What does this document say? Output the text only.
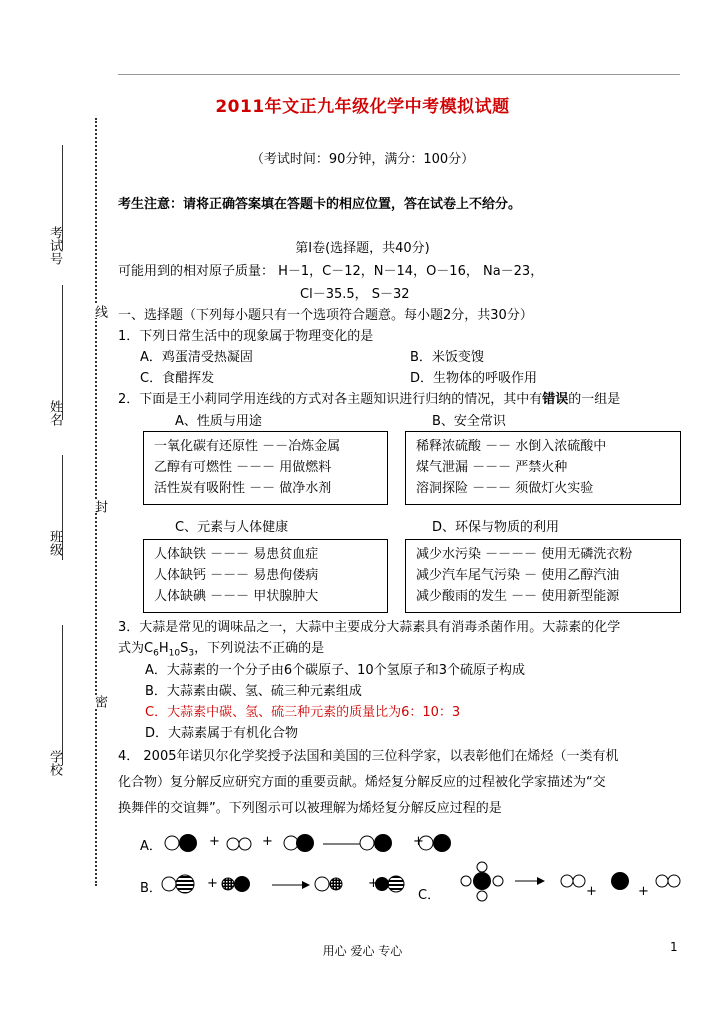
线
封
密
考试号
姓名
班级
学校
2011年文正九年级化学中考模拟试题
（考试时间：90分钟，满分：100分）
考生注意：请将正确答案填在答题卡的相应位置，答在试卷上不给分。
第Ⅰ卷(选择题，共40分)
可能用到的相对原子质量： H－1，C－12，N－14，O－16， Na－23，
Cl－35.5， S－32
一、选择题（下列每小题只有一个选项符合题意。每小题2分，共30分）
1．下列日常生活中的现象属于物理变化的是
A．鸡蛋清受热凝固	B．米饭变馊
C．食醋挥发	D．生物体的呼吸作用
2．下面是王小莉同学用连线的方式对各主题知识进行归纳的情况，其中有错误的一组是
A、性质与用途	B、安全常识
一氧化碳有还原性 －－冶炼金属
乙醇有可燃性 －－－ 用做燃料
活性炭有吸附性 －－ 做净水剂
稀释浓硫酸 －－ 水倒入浓硫酸中
煤气泄漏 －－－ 严禁火种
溶洞探险 －－－ 须做灯火实验
C、元素与人体健康	D、环保与物质的利用
人体缺铁 －－－ 易患贫血症
人体缺钙 －－－ 易患佝偻病
人体缺碘 －－－ 甲状腺肿大
减少水污染 －－－－ 使用无磷洗衣粉
减少汽车尾气污染 － 使用乙醇汽油
减少酸雨的发生 －－ 使用新型能源
3．大蒜是常见的调味品之一，大蒜中主要成分大蒜素具有消毒杀菌作用。大蒜素的化学
式为$C_6H_{10}S_3$，下列说法不正确的是
A．大蒜素的一个分子由6个碳原子、10个氢原子和3个硫原子构成
B．大蒜素由碳、氢、硫三种元素组成
C．大蒜素中碳、氢、硫三种元素的质量比为6：10：3
D．大蒜素属于有机化合物
4． 2005年诺贝尔化学奖授予法国和美国的三位科学家，以表彰他们在烯烃（一类有机
化合物）复分解反应研究方面的重要贡献。烯烃复分解反应的过程被化学家描述为“交
换舞伴的交谊舞”。下列图示可以被理解为烯烃复分解反应过程的是
A．	+	+	+
B．	+	+
C．	+	+
用心 爱心 专心	1
